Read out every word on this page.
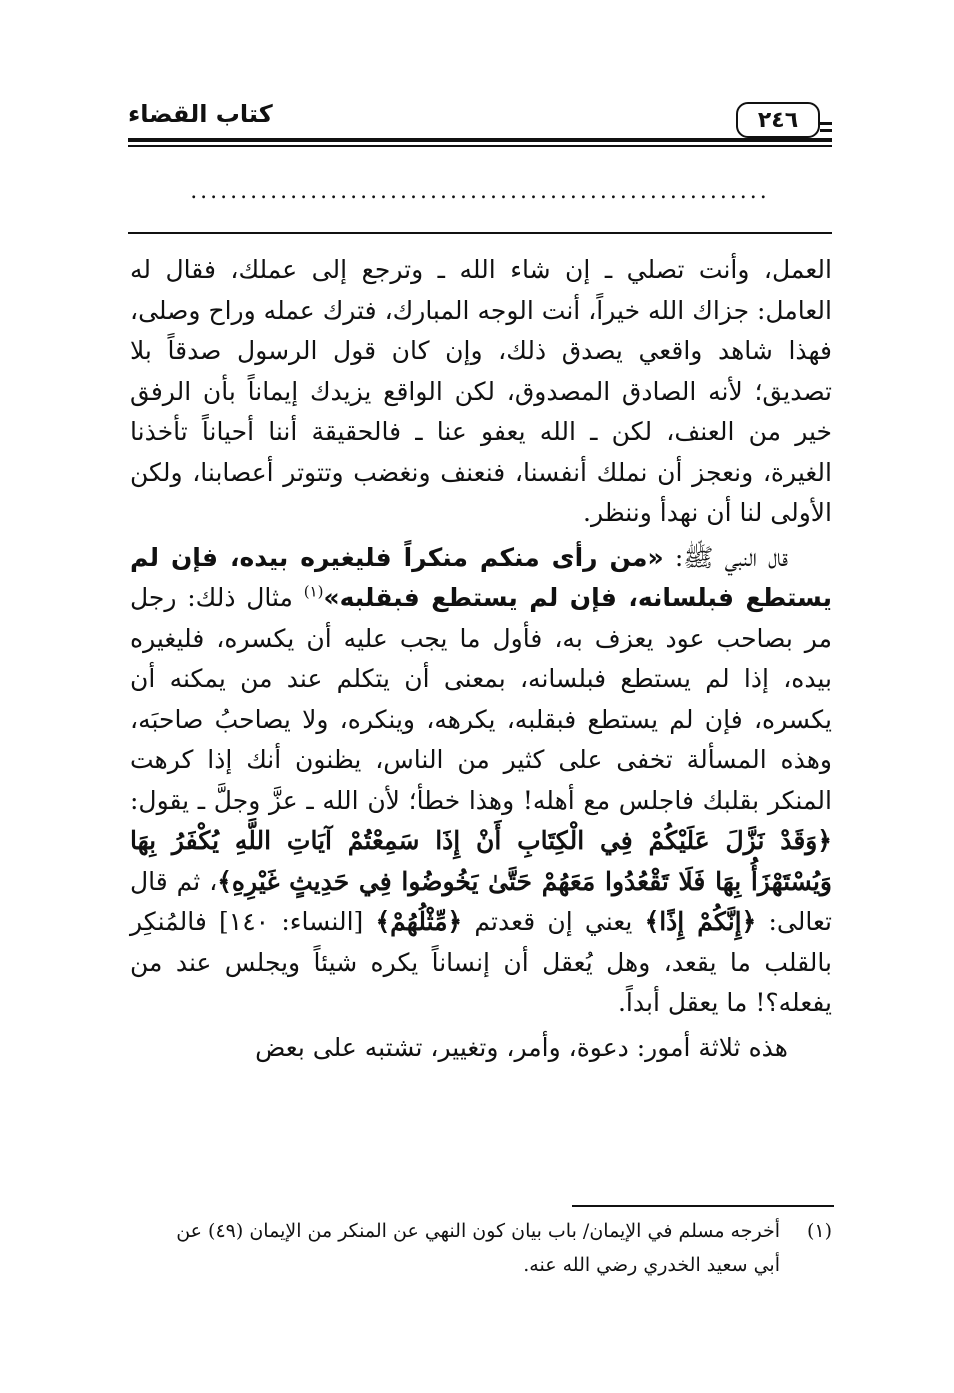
كتاب القضاء	٢٤٦
..........................................................

العمل، وأنت تصلي ـ إن شاء الله ـ وترجع إلى عملك، فقال له العامل: جزاك الله خيراً، أنت الوجه المبارك، فترك عمله وراح وصلى، فهذا شاهد واقعي يصدق ذلك، وإن كان قول الرسول صدقاً بلا تصديق؛ لأنه الصادق المصدوق، لكن الواقع يزيدك إيماناً بأن الرفق خير من العنف، لكن ـ الله يعفو عنا ـ فالحقيقة أننا أحياناً تأخذنا الغيرة، ونعجز أن نملك أنفسنا، فنعنف ونغضب وتتوتر أعصابنا، ولكن الأولى لنا أن نهدأ وننظر.

قال النبي ﷺ: «من رأى منكم منكراً فليغيره بيده، فإن لم يستطع فبلسانه، فإن لم يستطع فبقلبه»$^{(١)}$ مثال ذلك: رجل مر بصاحب عود يعزف به، فأول ما يجب عليه أن يكسره، فليغيره بيده، إذا لم يستطع فبلسانه، بمعنى أن يتكلم عند من يمكنه أن يكسره، فإن لم يستطع فبقلبه، يكرهه، وينكره، ولا يصاحبُ صاحبَه، وهذه المسألة تخفى على كثير من الناس، يظنون أنك إذا كرهت المنكر بقلبك فاجلس مع أهله! وهذا خطأ؛ لأن الله ـ عزَّ وجلَّ ـ يقول: ﴿وَقَدْ نَزَّلَ عَلَيْكُمْ فِي الْكِتَابِ أَنْ إِذَا سَمِعْتُمْ آيَاتِ اللَّهِ يُكْفَرُ بِهَا وَيُسْتَهْزَأُ بِهَا فَلَا تَقْعُدُوا مَعَهُمْ حَتَّىٰ يَخُوضُوا فِي حَدِيثٍ غَيْرِهِ﴾، ثم قال تعالى: ﴿إِنَّكُمْ إِذًا﴾ يعني إن قعدتم ﴿مِّثْلُهُمْ﴾ [النساء: ١٤٠] فالمُنكِر بالقلب ما يقعد، وهل يُعقل أن إنساناً يكره شيئاً ويجلس عند من يفعله؟! ما يعقل أبداً.

هذه ثلاثة أمور: دعوة، وأمر، وتغيير، تشتبه على بعض

(١)أخرجه مسلم في الإيمان/ باب بيان كون النهي عن المنكر من الإيمان (٤٩) عن
أبي سعيد الخدري رضي الله عنه.
